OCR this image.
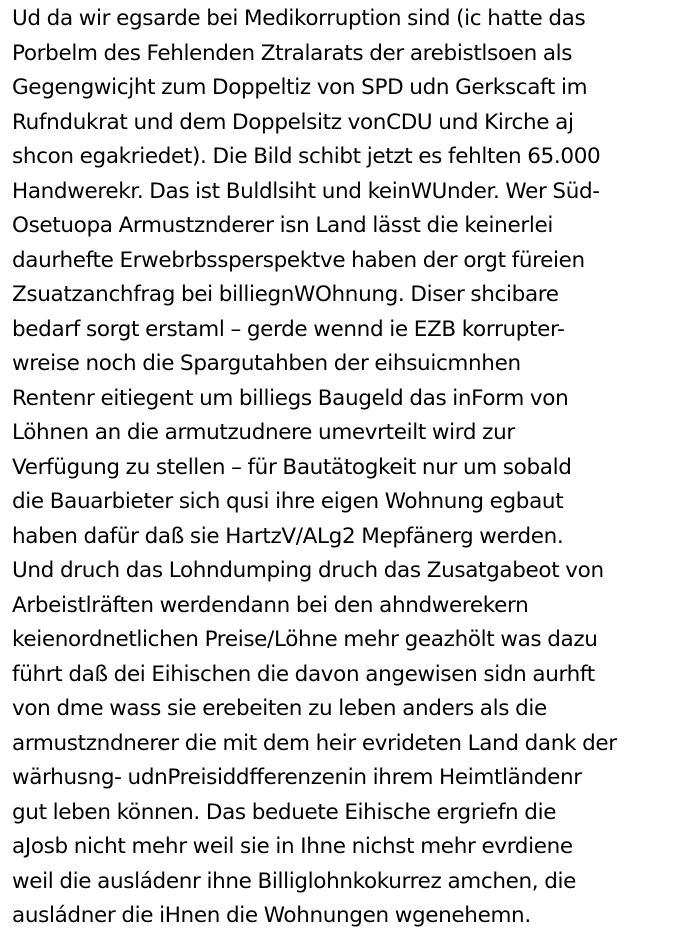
Ud da wir egsarde bei Medikorruption sind (ic hatte das
Porbelm des Fehlenden Ztralarats der arebistlsoen als
Gegengwicjht zum Doppeltiz von SPD udn Gerkscaft im
Rufndukrat und dem Doppelsitz vonCDU und Kirche aj
shcon egakriedet). Die Bild schibt jetzt es fehlten 65.000
Handwerekr. Das ist Buldlsiht und keinWUnder. Wer Süd-
Osetuopa Armustznderer isn Land lässt die keinerlei
daurhefte Erwebrbssperspektve haben der orgt füreien
Zsuatzanchfrag bei billiegnWOhnung. Diser shcibare
bedarf sorgt erstaml – gerde wennd ie EZB korrupter-
wreise noch die Spargutahben der eihsuicmnhen
Rentenr eitiegent um billiegs Baugeld das inForm von
Löhnen an die armutzudnere umevrteilt wird zur
Verfügung zu stellen – für Bautätogkeit nur um sobald
die Bauarbieter sich qusi ihre eigen Wohnung egbaut
haben dafür daß sie HartzV/ALg2 Mepfänerg werden.
Und druch das Lohndumping druch das Zusatgabeot von
Arbeistlräften werdendann bei den ahndwerekern
keienordnetlichen Preise/Löhne mehr geazhölt was dazu
führt daß dei Eihischen die davon angewisen sidn aurhft
von dme wass sie erebeiten zu leben anders als die
armustzndnerer die mit dem heir evrideten Land dank der
wärhusng- udnPreisiddfferenzenin ihrem Heimtländenr
gut leben können. Das beduete Eihische ergriefn die
aJosb nicht mehr weil sie in Ihne nichst mehr evrdiene
weil die ausládenr ihne Billiglohnkokurrez amchen, die
ausládner die iHnen die Wohnungen wgenehemn.
